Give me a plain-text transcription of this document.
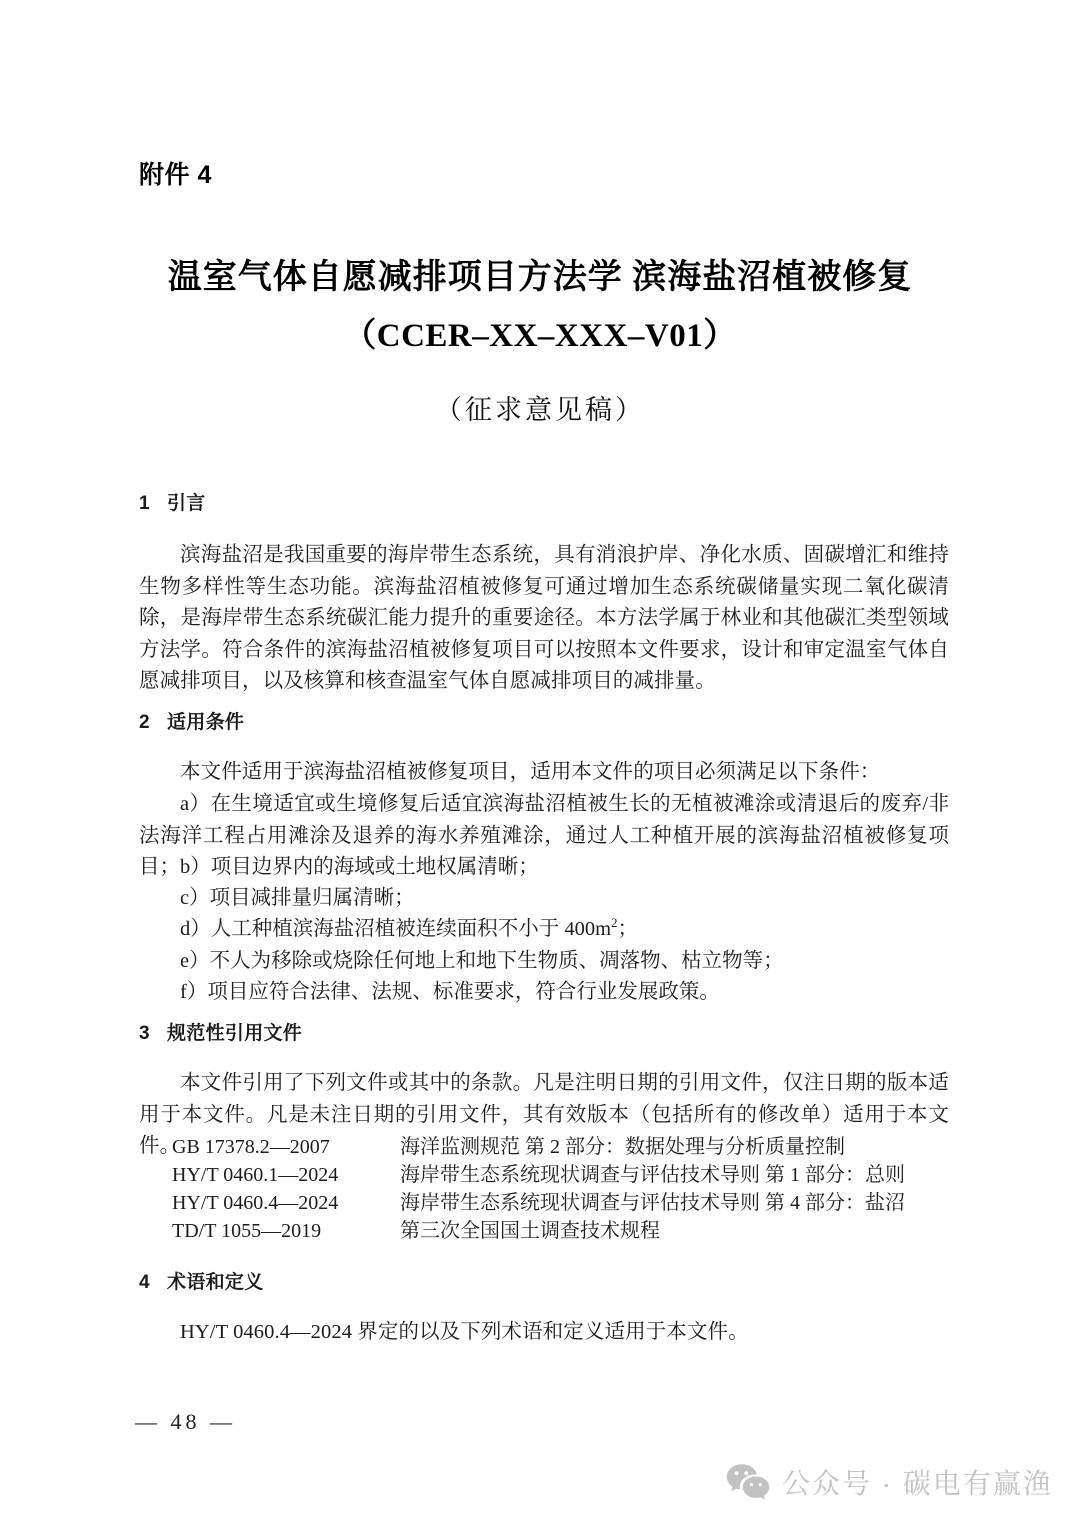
附件 4
温室气体自愿减排项目方法学 滨海盐沼植被修复
（CCER–XX–XXX–V01）
（征求意见稿）
1 引言
滨海盐沼是我国重要的海岸带生态系统，具有消浪护岸、净化水质、固碳增汇和维持生物多样性等生态功能。滨海盐沼植被修复可通过增加生态系统碳储量实现二氧化碳清除，是海岸带生态系统碳汇能力提升的重要途径。本方法学属于林业和其他碳汇类型领域方法学。符合条件的滨海盐沼植被修复项目可以按照本文件要求，设计和审定温室气体自愿减排项目，以及核算和核查温室气体自愿减排项目的减排量。
2 适用条件
本文件适用于滨海盐沼植被修复项目，适用本文件的项目必须满足以下条件：
a）在生境适宜或生境修复后适宜滨海盐沼植被生长的无植被滩涂或清退后的废弃/非法海洋工程占用滩涂及退养的海水养殖滩涂，通过人工种植开展的滨海盐沼植被修复项目； b）项目边界内的海域或土地权属清晰；
c）项目减排量归属清晰；
d）人工种植滨海盐沼植被连续面积不小于 $400m^2$；
e）不人为移除或烧除任何地上和地下生物质、凋落物、枯立物等；
f）项目应符合法律、法规、标准要求，符合行业发展政策。
3 规范性引用文件
本文件引用了下列文件或其中的条款。凡是注明日期的引用文件，仅注日期的版本适用于本文件。凡是未注日期的引用文件，其有效版本（包括所有的修改单）适用于本文件。
GB 17378.2—2007	海洋监测规范 第 2 部分：数据处理与分析质量控制
HY/T 0460.1—2024	海岸带生态系统现状调查与评估技术导则 第 1 部分：总则
HY/T 0460.4—2024	海岸带生态系统现状调查与评估技术导则 第 4 部分：盐沼
TD/T 1055—2019	第三次全国国土调查技术规程
4 术语和定义
HY/T 0460.4—2024 界定的以及下列术语和定义适用于本文件。
— 48 —
公众号 · 碳电有赢渔
